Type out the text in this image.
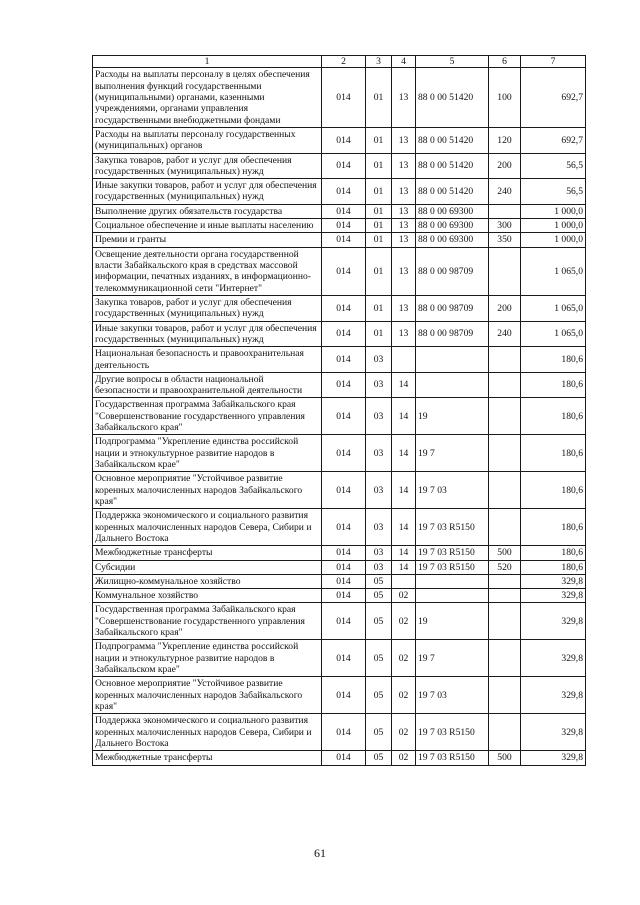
1	2	3	4	5	6	7
Расходы на выплаты персоналу в целях обеспечения выполнения функций государственными (муниципальными) органами, казенными учреждениями, органами управления государственными внебюджетными фондами	014	01	13	88 0 00 51420	100	692,7
Расходы на выплаты персоналу государственных (муниципальных) органов	014	01	13	88 0 00 51420	120	692,7
Закупка товаров, работ и услуг для обеспечения государственных (муниципальных) нужд	014	01	13	88 0 00 51420	200	56,5
Иные закупки товаров, работ и услуг для обеспечения государственных (муниципальных) нужд	014	01	13	88 0 00 51420	240	56,5
Выполнение других обязательств государства	014	01	13	88 0 00 69300		1 000,0
Социальное обеспечение и иные выплаты населению	014	01	13	88 0 00 69300	300	1 000,0
Премии и гранты	014	01	13	88 0 00 69300	350	1 000,0
Освещение деятельности органа государственной власти Забайкальского края в средствах массовой информации, печатных изданиях, в информационно-телекоммуникационной сети "Интернет"	014	01	13	88 0 00 98709		1 065,0
Закупка товаров, работ и услуг для обеспечения государственных (муниципальных) нужд	014	01	13	88 0 00 98709	200	1 065,0
Иные закупки товаров, работ и услуг для обеспечения государственных (муниципальных) нужд	014	01	13	88 0 00 98709	240	1 065,0
Национальная безопасность и правоохранительная деятельность	014	03				180,6
Другие вопросы в области национальной безопасности и правоохранительной деятельности	014	03	14			180,6
Государственная программа Забайкальского края "Совершенствование государственного управления Забайкальского края"	014	03	14	19		180,6
Подпрограмма "Укрепление единства российской нации и этнокультурное развитие народов в Забайкальском крае"	014	03	14	19 7		180,6
Основное мероприятие "Устойчивое развитие коренных малочисленных народов Забайкальского края"	014	03	14	19 7 03		180,6
Поддержка экономического и социального развития коренных малочисленных народов Севера, Сибири и Дальнего Востока	014	03	14	19 7 03 R5150		180,6
Межбюджетные трансферты	014	03	14	19 7 03 R5150	500	180,6
Субсидии	014	03	14	19 7 03 R5150	520	180,6
Жилищно-коммунальное хозяйство	014	05				329,8
Коммунальное хозяйство	014	05	02			329,8
Государственная программа Забайкальского края "Совершенствование государственного управления Забайкальского края"	014	05	02	19		329,8
Подпрограмма "Укрепление единства российской нации и этнокультурное развитие народов в Забайкальском крае"	014	05	02	19 7		329,8
Основное мероприятие "Устойчивое развитие коренных малочисленных народов Забайкальского края"	014	05	02	19 7 03		329,8
Поддержка экономического и социального развития коренных малочисленных народов Севера, Сибири и Дальнего Востока	014	05	02	19 7 03 R5150		329,8
Межбюджетные трансферты	014	05	02	19 7 03 R5150	500	329,8
61
